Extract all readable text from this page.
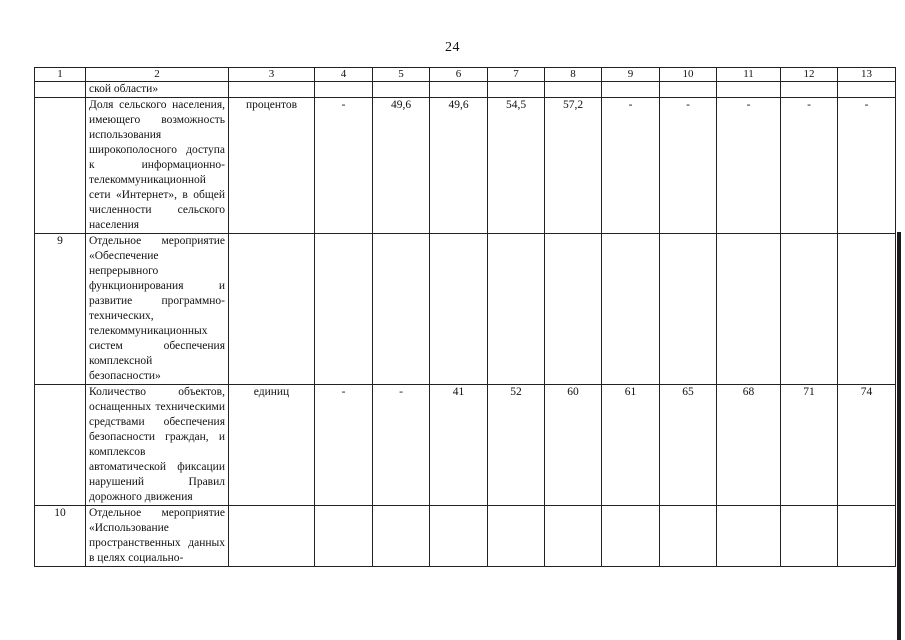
24
1	2	3	4	5	6	7	8	9	10	11	12	13
	ской области»											
	Доля сельского населения, имеющего возможность использования широкополосного доступа к информационно-телекоммуникационной сети «Интернет», в общей численности сельского населения	процентов	-	49,6	49,6	54,5	57,2	-	-	-	-	-
9	Отдельное мероприятие «Обеспечение непрерывного функционирования и развитие программно-технических, телекоммуникационных систем обеспечения комплексной безопасности»											
	Количество объектов, оснащенных техническими средствами обеспечения безопасности граждан, и комплексов автоматической фиксации нарушений Правил дорожного движения	единиц	-	-	41	52	60	61	65	68	71	74
10	Отдельное мероприятие «Использование пространственных данных в целях социально-											
